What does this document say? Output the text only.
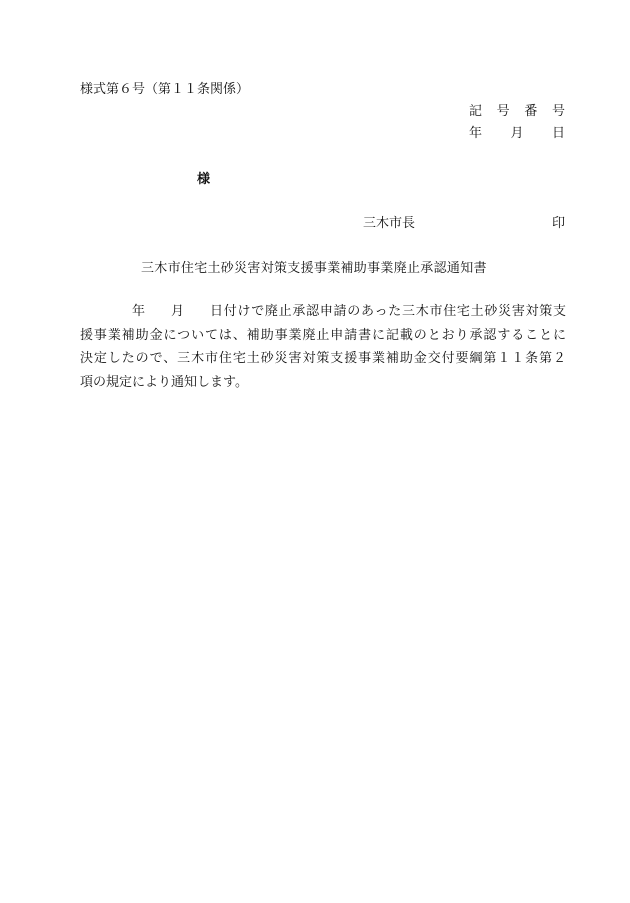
様式第６号（第１１条関係）
記 号 番 号
年 月 日
様
三木市長	印
三木市住宅土砂災害対策支援事業補助事業廃止承認通知書
年 月 日付けで廃止承認申請のあった三木市住宅土砂災害対策支
援事業補助金については、補助事業廃止申請書に記載のとおり承認することに
決定したので、三木市住宅土砂災害対策支援事業補助金交付要綱第１１条第２
項の規定により通知します。
